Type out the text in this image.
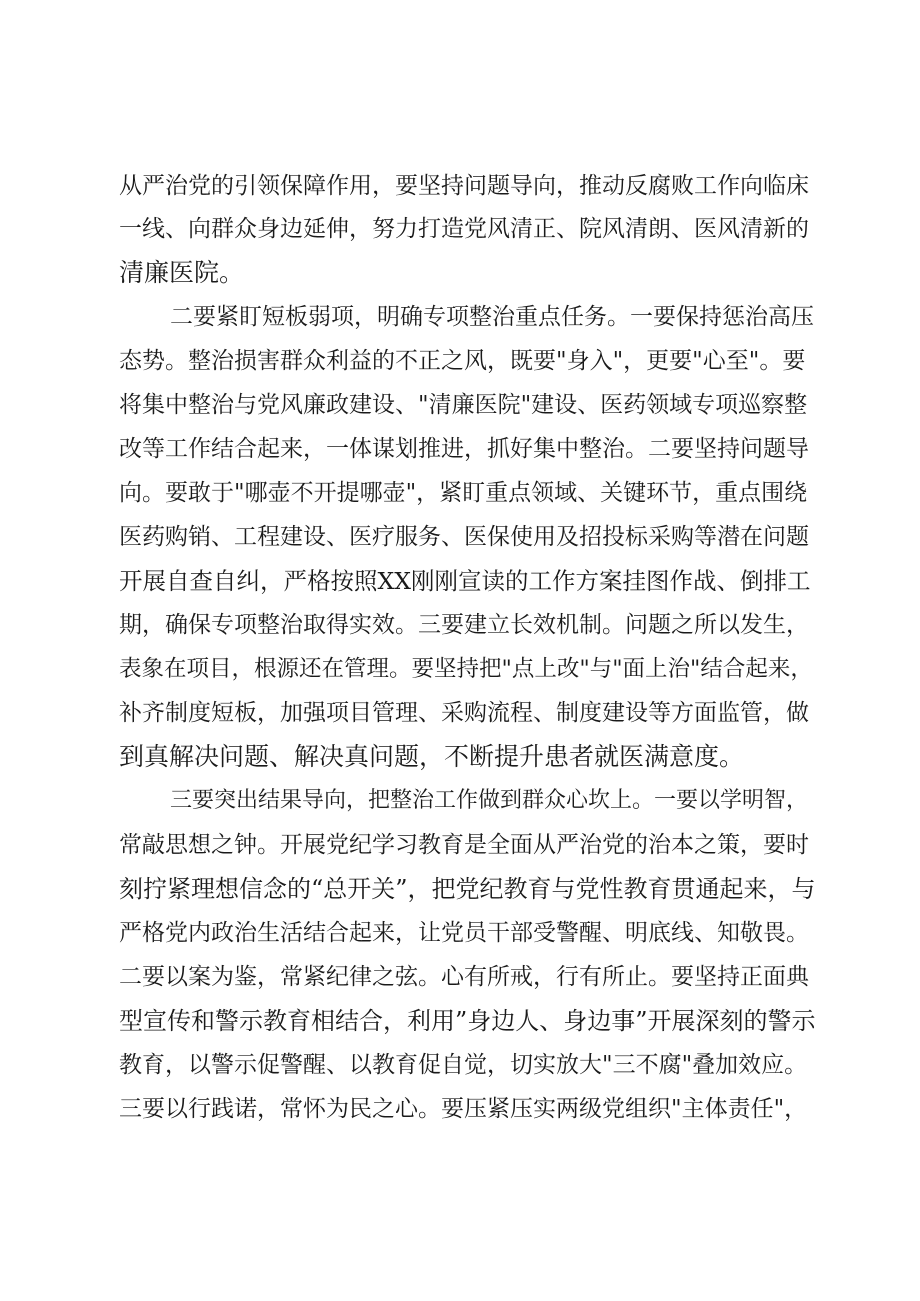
从严治党的引领保障作用，要坚持问题导向，推动反腐败工作向临床
一线、向群众身边延伸，努力打造党风清正、院风清朗、医风清新的
清廉医院。
二要紧盯短板弱项，明确专项整治重点任务。一要保持惩治高压
态势。整治损害群众利益的不正之风，既要"身入"，更要"心至"。要
将集中整治与党风廉政建设、"清廉医院"建设、医药领域专项巡察整
改等工作结合起来，一体谋划推进，抓好集中整治。二要坚持问题导
向。要敢于"哪壶不开提哪壶"，紧盯重点领域、关键环节，重点围绕
医药购销、工程建设、医疗服务、医保使用及招投标采购等潜在问题
开展自查自纠，严格按照XX刚刚宣读的工作方案挂图作战、倒排工
期，确保专项整治取得实效。三要建立长效机制。问题之所以发生，
表象在项目，根源还在管理。要坚持把"点上改"与"面上治"结合起来，
补齐制度短板，加强项目管理、采购流程、制度建设等方面监管，做
到真解决问题、解决真问题，不断提升患者就医满意度。
三要突出结果导向，把整治工作做到群众心坎上。一要以学明智，
常敲思想之钟。开展党纪学习教育是全面从严治党的治本之策，要时
刻拧紧理想信念的“总开关”，把党纪教育与党性教育贯通起来，与
严格党内政治生活结合起来，让党员干部受警醒、明底线、知敬畏。
二要以案为鉴，常紧纪律之弦。心有所戒，行有所止。要坚持正面典
型宣传和警示教育相结合，利用”身边人、身边事”开展深刻的警示
教育，以警示促警醒、以教育促自觉，切实放大"三不腐"叠加效应。
三要以行践诺，常怀为民之心。要压紧压实两级党组织"主体责任"，
